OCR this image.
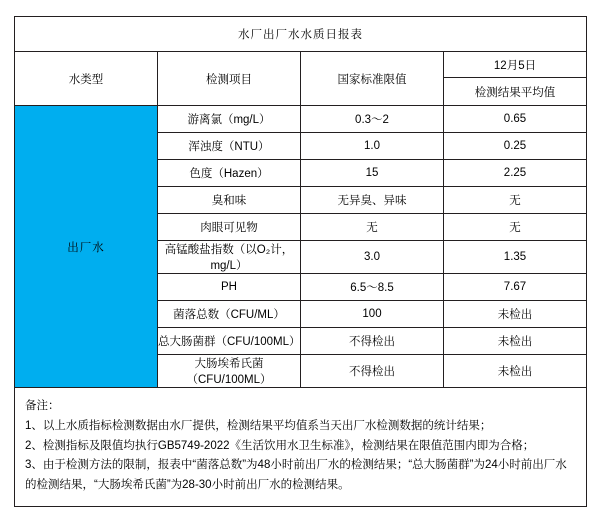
水厂出厂水水质日报表			
水类型	检测项目	国家标准限值	12月5日
			检测结果平均值
出厂水	游离氯（mg/L）	0.3～2	0.65
	浑浊度（NTU）	1.0	0.25
	色度（Hazen）	15	2.25
	臭和味	无异臭、异味	无
	肉眼可见物	无	无
	高锰酸盐指数（以O₂计，mg/L）	3.0	1.35
	PH	6.5～8.5	7.67
	菌落总数（CFU/ML）	100	未检出
	总大肠菌群（CFU/100ML）	不得检出	未检出
	大肠埃希氏菌（CFU/100ML）	不得检出	未检出
备注：
1、以上水质指标检测数据由水厂提供，检测结果平均值系当天出厂水检测数据的统计结果；
2、检测指标及限值均执行GB5749-2022《生活饮用水卫生标准》，检测结果在限值范围内即为合格；
3、由于检测方法的限制，报表中“菌落总数”为48小时前出厂水的检测结果；“总大肠菌群”为24小时前出厂水的检测结果，“大肠埃希氏菌”为28-30小时前出厂水的检测结果。
